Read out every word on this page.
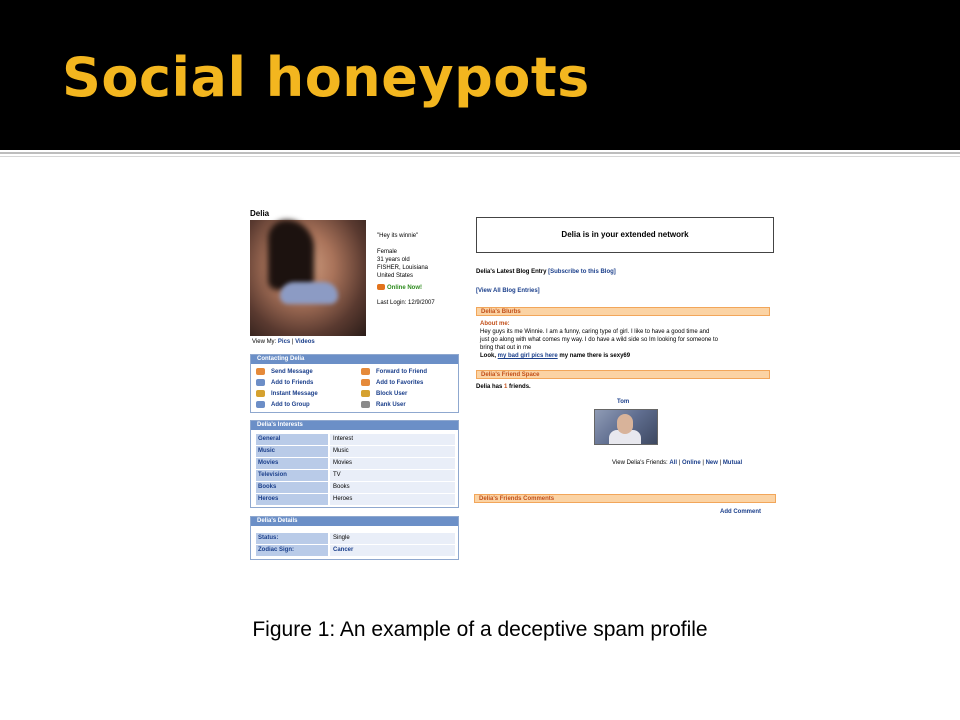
Social honeypots
Delia
"Hey its winnie"
Female
31 years old
FISHER, Louisiana
United States
Online Now!
Last Login: 12/9/2007
View My: Pics | Videos
Contacting Delia
Send Message	Forward to Friend
Add to Friends	Add to Favorites
Instant Message	Block User
Add to Group	Rank User
Delia's Interests
General	Interest
Music	Music
Movies	Movies
Television	TV
Books	Books
Heroes	Heroes
Delia's Details
Status:	Single
Zodiac Sign:	Cancer
Delia is in your extended network
Delia's Latest Blog Entry [Subscribe to this Blog]
[View All Blog Entries]
Delia's Blurbs
About me:
Hey guys its me Winnie. I am a funny, caring type of girl. I like to have a good time and
just go along with what comes my way. I do have a wild side so Im looking for someone to
bring that out in me
Look, my bad girl pics here my name there is sexy69
Delia's Friend Space
Delia has 1 friends.
Tom
View Delia's Friends: All | Online | New | Mutual
Delia's Friends Comments
Add Comment
Figure 1: An example of a deceptive spam profile
